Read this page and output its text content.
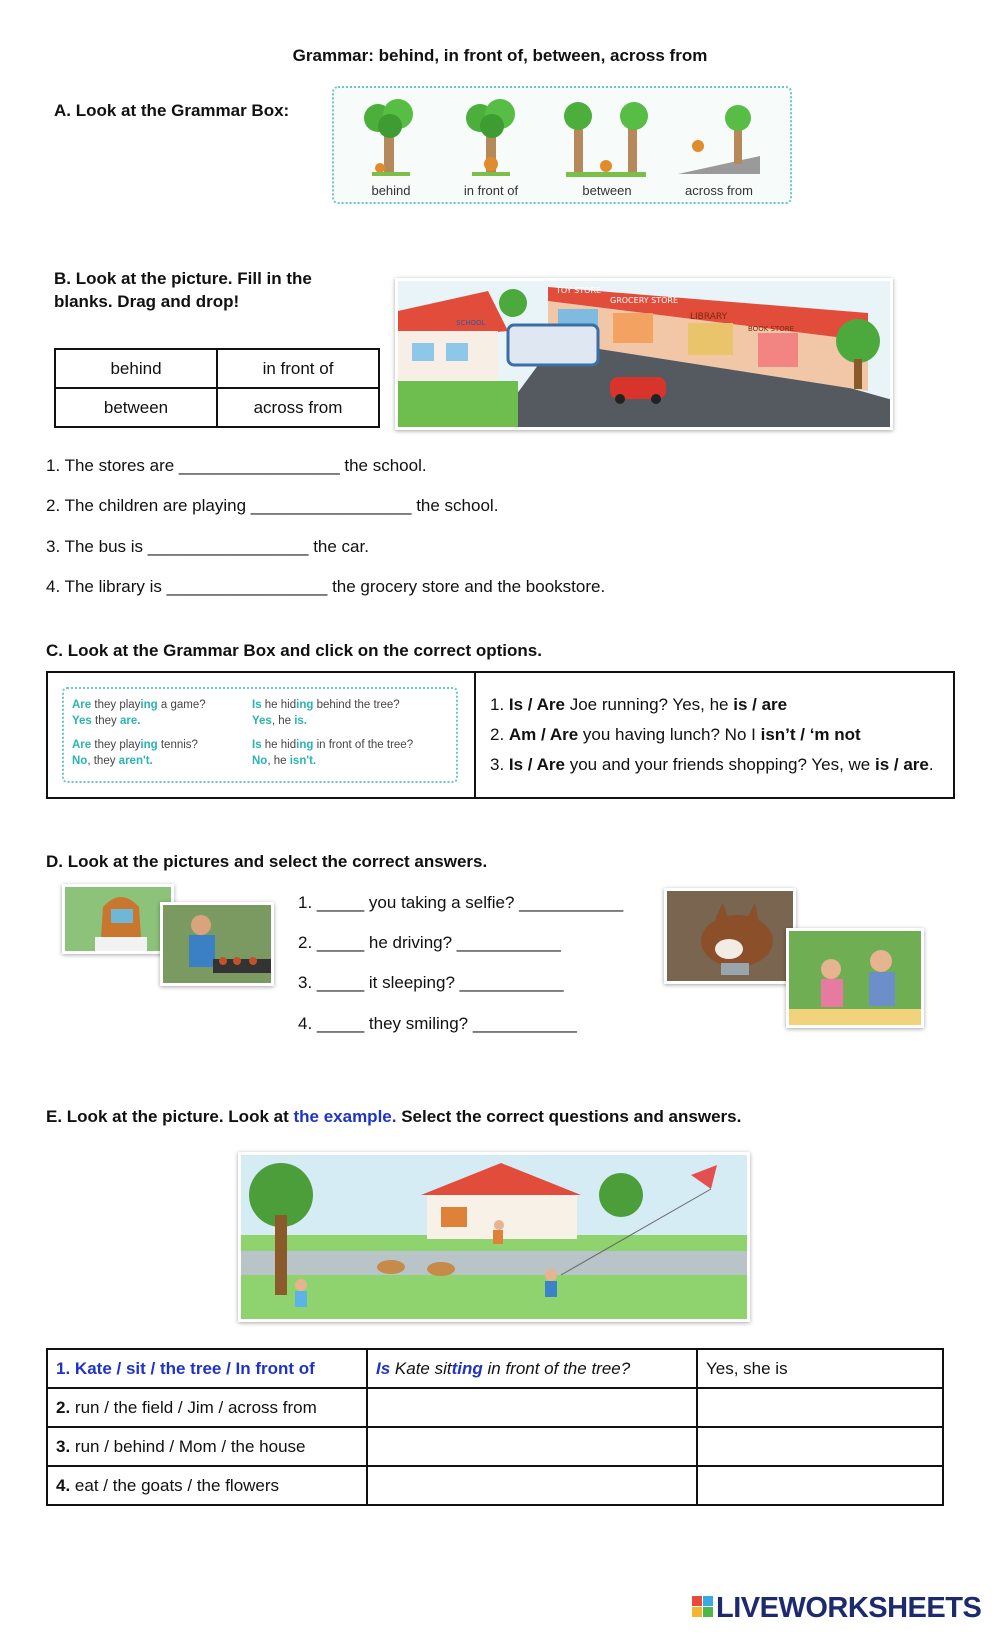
Grammar: behind, in front of, between, across from
A. Look at the Grammar Box:
behind	in front of	between	across from
B. Look at the picture. Fill in the
blanks. Drag and drop!
behind	in front of
between	across from
TOY STORE
GROCERY STORE
LIBRARY
BOOK STORE
SCHOOL
1. The stores are _________________ the school.
2. The children are playing _________________ the school.
3. The bus is _________________ the car.
4. The library is _________________ the grocery store and the bookstore.
C. Look at the Grammar Box and click on the correct options.
Are they playing a game?
Yes they are.
Are they playing tennis?
No, they aren't.
Is he hiding behind the tree?
Yes, he is.
Is he hiding in front of the tree?
No, he isn't.
1. Is / Are Joe running? Yes, he is / are
2. Am / Are you having lunch? No I isn’t / ‘m not
3. Is / Are you and your friends shopping? Yes, we is / are.
D. Look at the pictures and select the correct answers.
1. _____ you taking a selfie? ___________
2. _____ he driving? ___________
3. _____ it sleeping? ___________
4. _____ they smiling? ___________
E. Look at the picture. Look at the example. Select the correct questions and answers.
1. Kate / sit / the tree / In front of	Is Kate sitting in front of the tree?	Yes, she is
2. run / the field / Jim / across from		
3. run / behind / Mom / the house		
4. eat / the goats / the flowers		
LIVEWORKSHEETS
